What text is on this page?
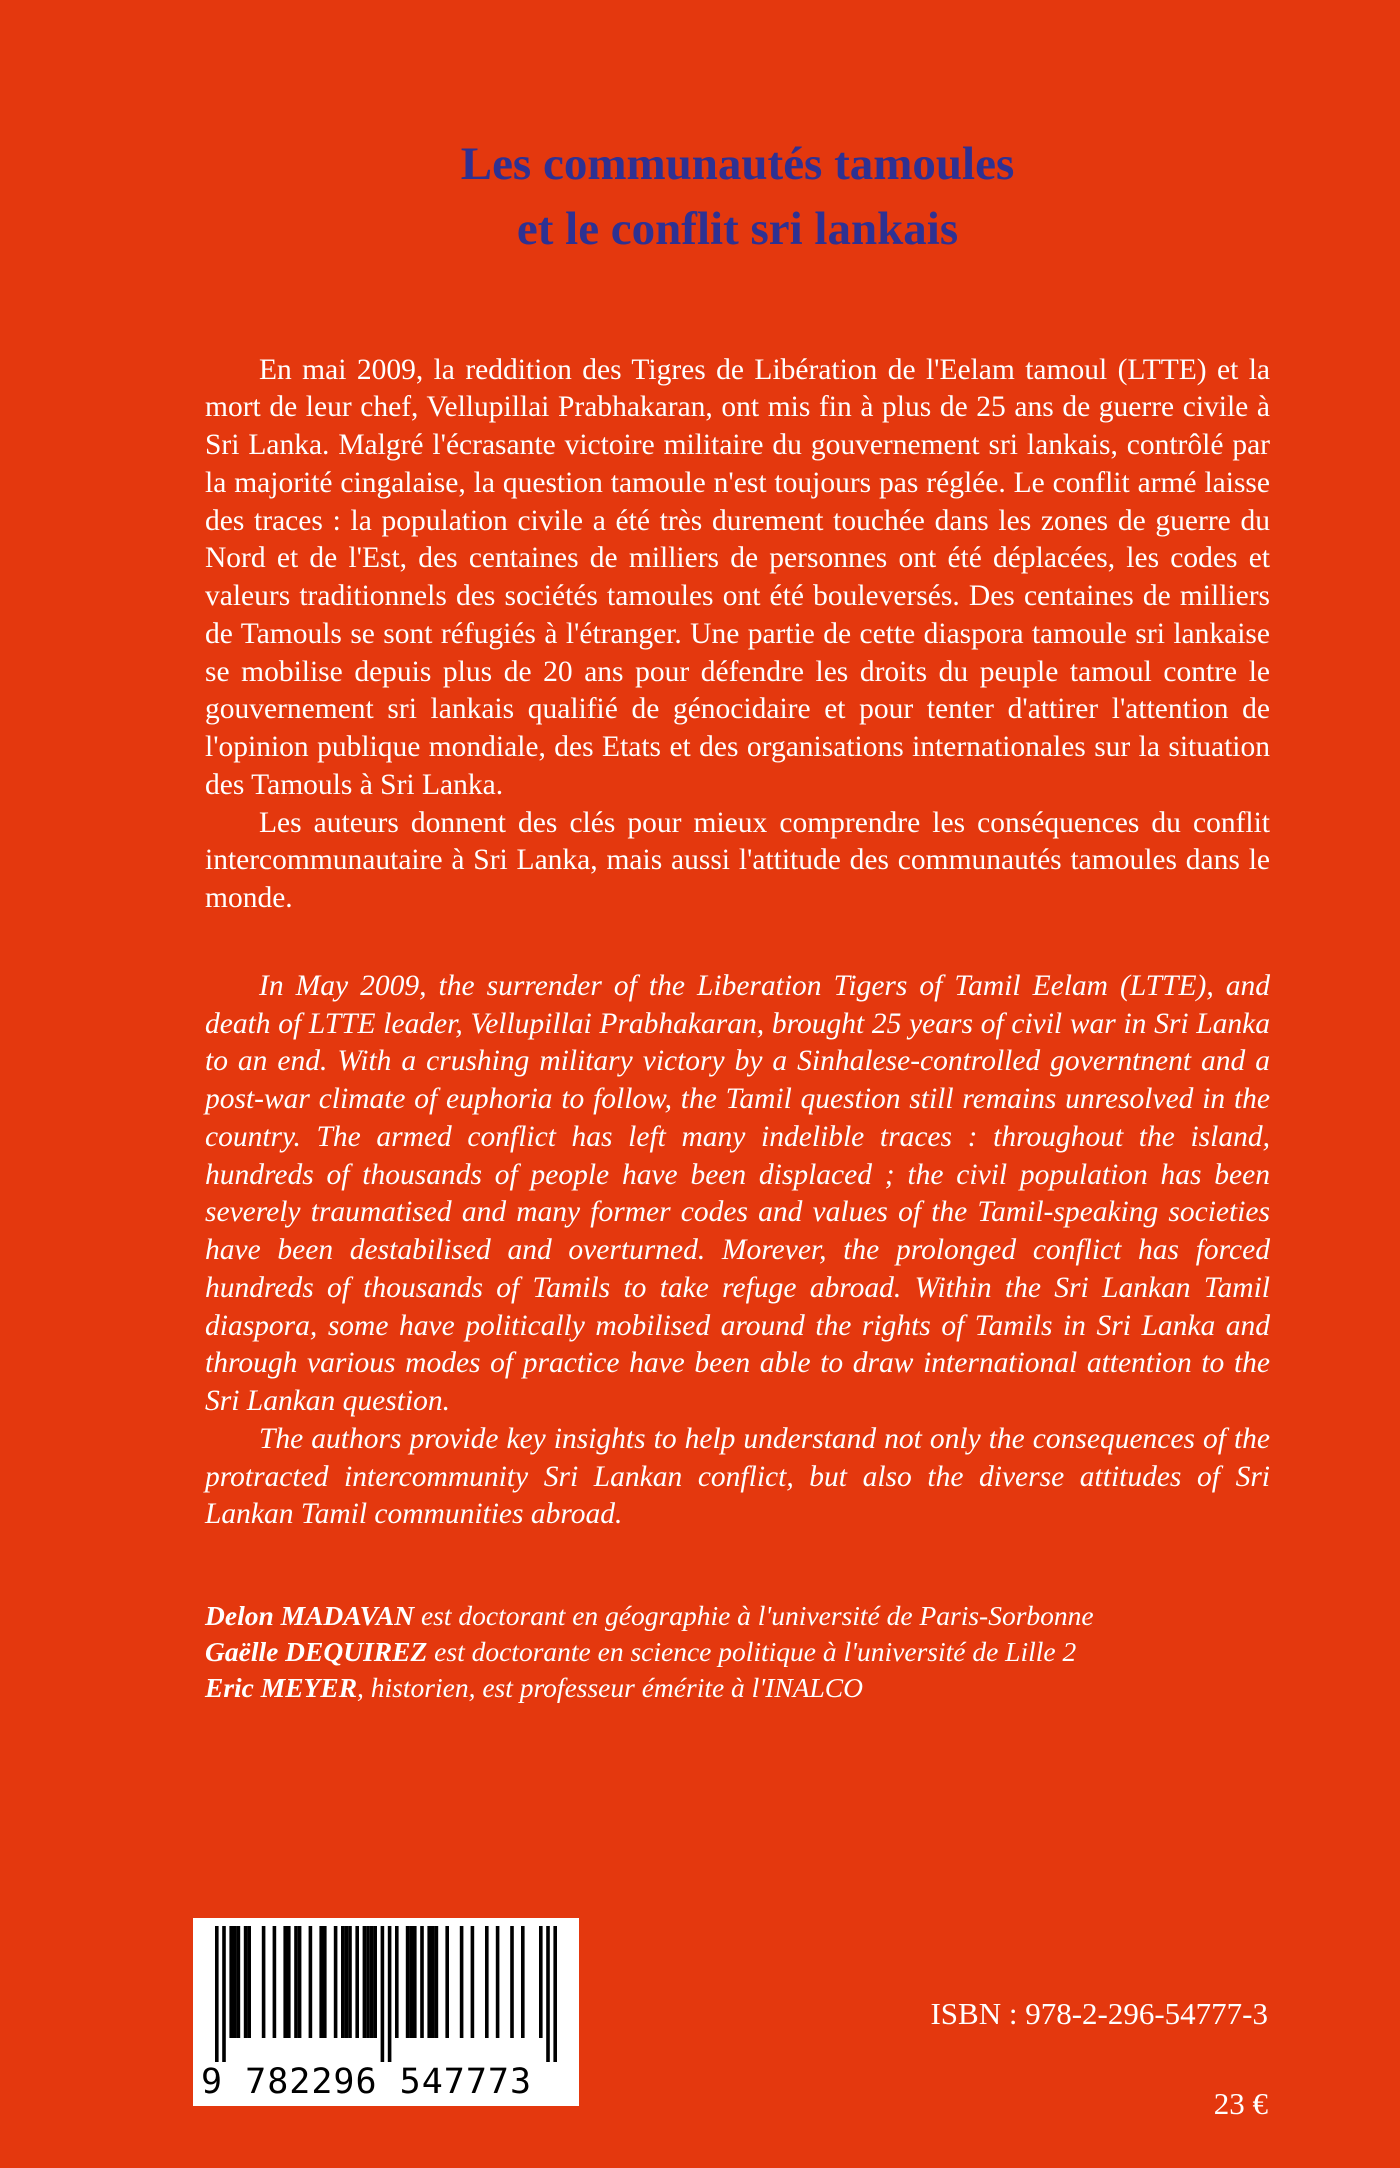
Les communautés tamoules
et le conflit sri lankais

En mai 2009, la reddition des Tigres de Libération de l'Eelam tamoul (LTTE) et la mort de leur chef, Vellupillai Prabhakaran, ont mis fin à plus de 25 ans de guerre civile à Sri Lanka. Malgré l'écrasante victoire militaire du gouvernement sri lankais, contrôlé par la majorité cingalaise, la question tamoule n'est toujours pas réglée. Le conflit armé laisse des traces : la population civile a été très durement touchée dans les zones de guerre du Nord et de l'Est, des centaines de milliers de personnes ont été déplacées, les codes et valeurs traditionnels des sociétés tamoules ont été bouleversés. Des centaines de milliers de Tamouls se sont réfugiés à l'étranger. Une partie de cette diaspora tamoule sri lankaise se mobilise depuis plus de 20 ans pour défendre les droits du peuple tamoul contre le gouvernement sri lankais qualifié de génocidaire et pour tenter d'attirer l'attention de l'opinion publique mondiale, des Etats et des organisations internationales sur la situation des Tamouls à Sri Lanka.

Les auteurs donnent des clés pour mieux comprendre les conséquences du conflit intercommunautaire à Sri Lanka, mais aussi l'attitude des communautés tamoules dans le monde.

In May 2009, the surrender of the Liberation Tigers of Tamil Eelam (LTTE), and death of LTTE leader, Vellupillai Prabhakaran, brought 25 years of civil war in Sri Lanka to an end. With a crushing military victory by a Sinhalese-controlled governtnent and a post-war climate of euphoria to follow, the Tamil question still remains unresolved in the country. The armed conflict has left many indelible traces : throughout the island, hundreds of thousands of people have been displaced ; the civil population has been severely traumatised and many former codes and values of the Tamil-speaking societies have been destabilised and overturned. Morever, the prolonged conflict has forced hundreds of thousands of Tamils to take refuge abroad. Within the Sri Lankan Tamil diaspora, some have politically mobilised around the rights of Tamils in Sri Lanka and through various modes of practice have been able to draw international attention to the Sri Lankan question.

The authors provide key insights to help understand not only the consequences of the protracted intercommunity Sri Lankan conflict, but also the diverse attitudes of Sri Lankan Tamil communities abroad.

Delon MADAVAN est doctorant en géographie à l'université de Paris-Sorbonne

Gaëlle DEQUIREZ est doctorante en science politique à l'université de Lille 2

Eric MEYER, historien, est professeur émérite à l'INALCO

9 782296 547773
ISBN : 978-2-296-54777-3
23 €
